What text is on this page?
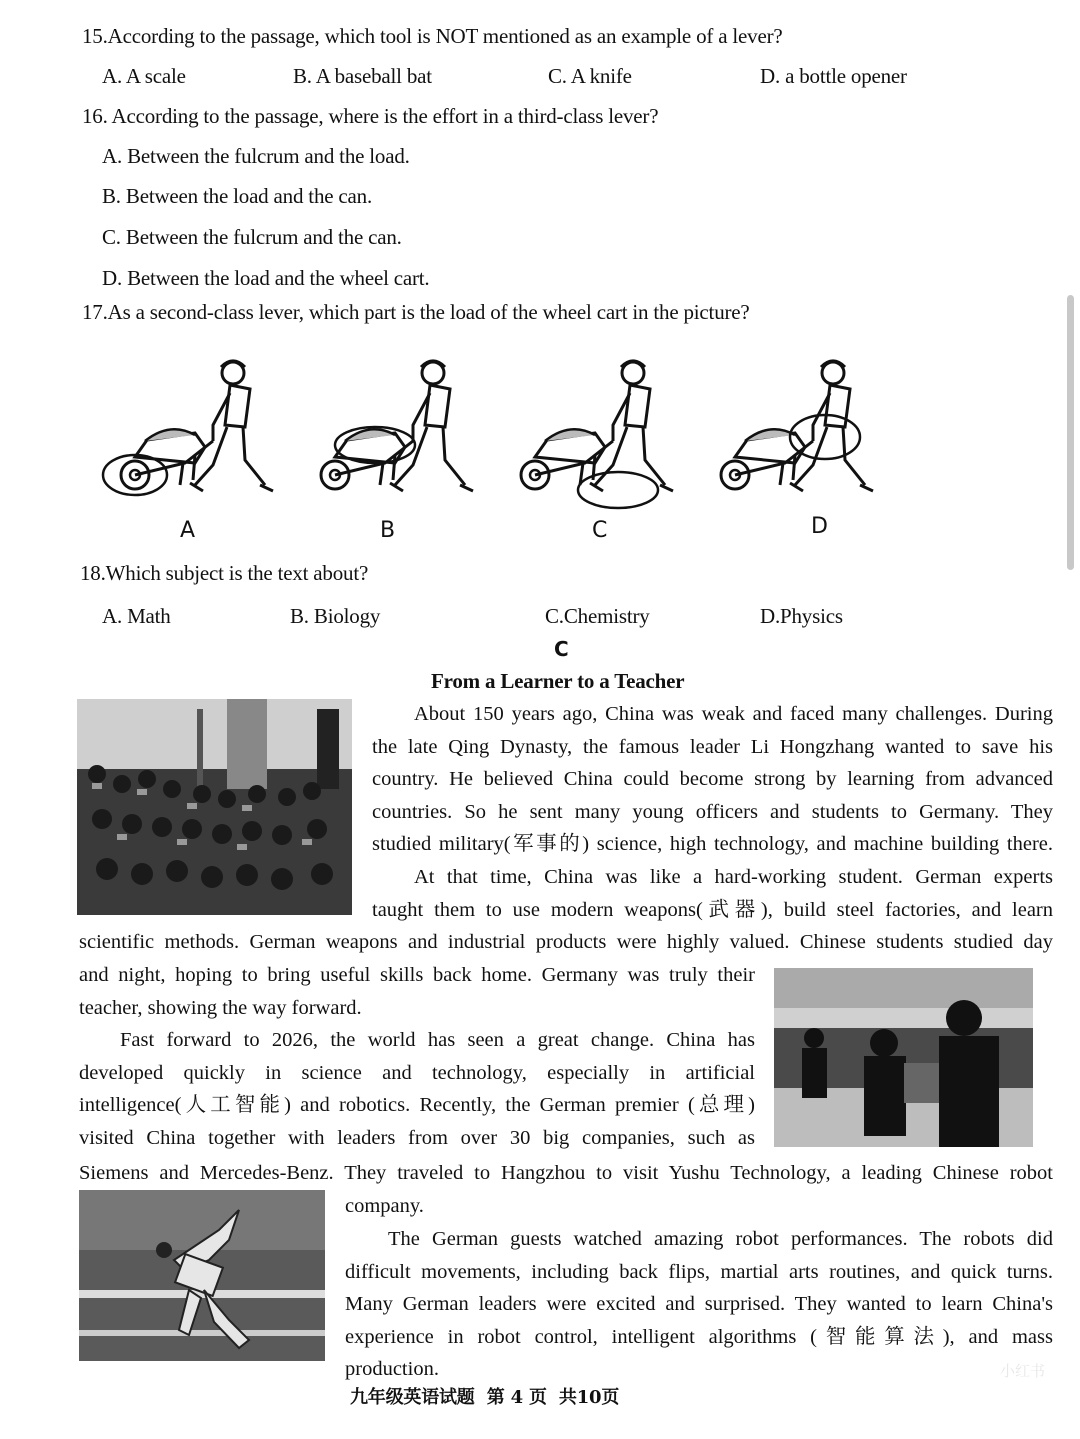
15.According to the passage, which tool is NOT mentioned as an example of a lever?
A. A scale	B. A baseball bat	C. A knife	D. a bottle opener
16. According to the passage, where is the effort in a third-class lever?
A. Between the fulcrum and the load.
B. Between the load and the can.
C. Between the fulcrum and the can.
D. Between the load and the wheel cart.
17.As a second-class lever, which part is the load of the wheel cart in the picture?
A	B	C	D
18.Which subject is the text about?
A. Math	B. Biology	C.Chemistry	D.Physics
C
From a Learner to a Teacher
About 150 years ago, China was weak and faced many challenges. During
the late Qing Dynasty, the famous leader Li Hongzhang wanted to save his
country. He believed China could become strong by learning from advanced
countries. So he sent many young officers and students to Germany. They
studied military(军事的) science, high technology, and machine building there.
At that time, China was like a hard-working student. German experts
taught them to use modern weapons(武器), build steel factories, and learn
scientific methods. German weapons and industrial products were highly valued. Chinese students studied day
and night, hoping to bring useful skills back home. Germany was truly their
teacher, showing the way forward.
Fast forward to 2026, the world has seen a great change. China has
developed quickly in science and technology, especially in artificial
intelligence(人工智能) and robotics. Recently, the German premier (总理)
visited China together with leaders from over 30 big companies, such as
Siemens and Mercedes-Benz. They traveled to Hangzhou to visit Yushu Technology, a leading Chinese robot
company.
The German guests watched amazing robot performances. The robots did
difficult movements, including back flips, martial arts routines, and quick turns.
Many German leaders were excited and surprised. They wanted to learn China's
experience in robot control, intelligent algorithms (智能算法), and mass
production.
九年级英语试题  第 4 页  共10页
小红书
